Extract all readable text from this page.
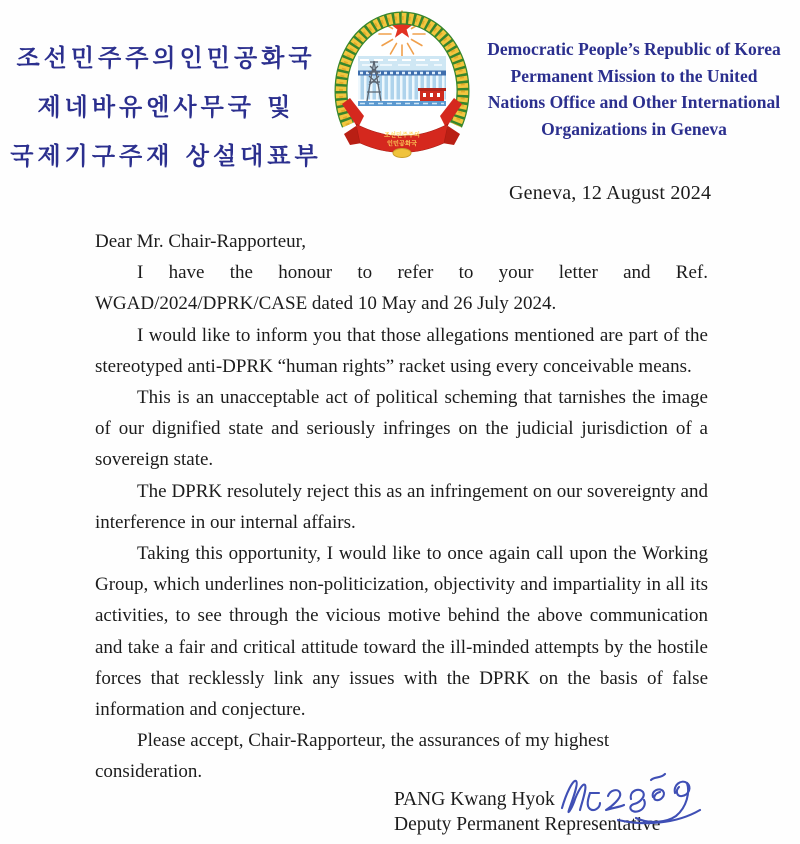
조선민주주의인민공화국
제네바유엔사무국 및
국제기구주재 상설대표부
조선민주주의
인민공화국
Democratic People’s Republic of Korea
Permanent Mission to the United
Nations Office and Other International
Organizations in Geneva
Geneva, 12 August 2024

Dear Mr. Chair-Rapporteur,

I have the honour to refer to your letter and Ref. WGAD/2024/DPRK/CASE dated 10 May and 26 July 2024.

I would like to inform you that those allegations mentioned are part of the stereotyped anti-DPRK “human rights” racket using every conceivable means.

This is an unacceptable act of political scheming that tarnishes the image of our dignified state and seriously infringes on the judicial jurisdiction of a sovereign state.

The DPRK resolutely reject this as an infringement on our sovereignty and interference in our internal affairs.

Taking this opportunity, I would like to once again call upon the Working Group, which underlines non-politicization, objectivity and impartiality in all its activities, to see through the vicious motive behind the above communication and take a fair and critical attitude toward the ill-minded attempts by the hostile forces that recklessly link any issues with the DPRK on the basis of false information and conjecture.

Please accept, Chair-Rapporteur, the assurances of my highest consideration.

PANG Kwang Hyok
Deputy Permanent Representative
